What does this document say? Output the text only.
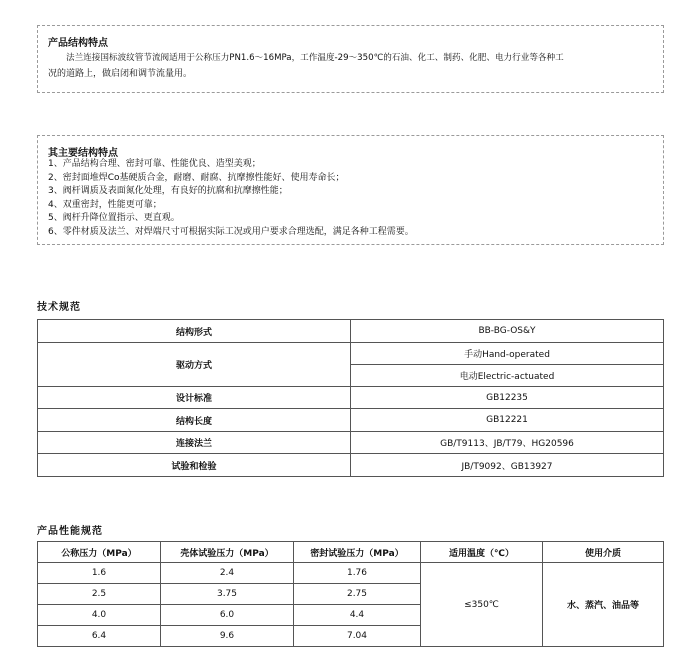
产品结构特点
法兰连接国标波纹管节流阀适用于公称压力PN1.6～16MPa，工作温度-29～350℃的石油、化工、制药、化肥、电力行业等各种工
况的道路上，做启闭和调节流量用。
其主要结构特点
1、产品结构合理、密封可靠、性能优良、造型美观；
2、密封面堆焊Co基硬质合金，耐磨、耐腐、抗摩擦性能好、使用寿命长；
3、阀杆调质及表面氮化处理，有良好的抗腐和抗摩擦性能；
4、双重密封，性能更可靠；
5、阀杆升降位置指示、更直观。
6、零件材质及法兰、对焊端尺寸可根据实际工况或用户要求合理选配，满足各种工程需要。
技术规范
结构形式	BB-BG-OS&Y
驱动方式	手动Hand-operated
	电动Electric-actuated
设计标准	GB12235
结构长度	GB12221
连接法兰	GB/T9113、JB/T79、HG20596
试验和检验	JB/T9092、GB13927
产品性能规范
公称压力（MPa）	壳体试验压力（MPa）	密封试验压力（MPa）	适用温度（℃）	使用介质
1.6	2.4	1.76	≤350℃	水、蒸汽、油品等
2.5	3.75	2.75		
4.0	6.0	4.4		
6.4	9.6	7.04		
